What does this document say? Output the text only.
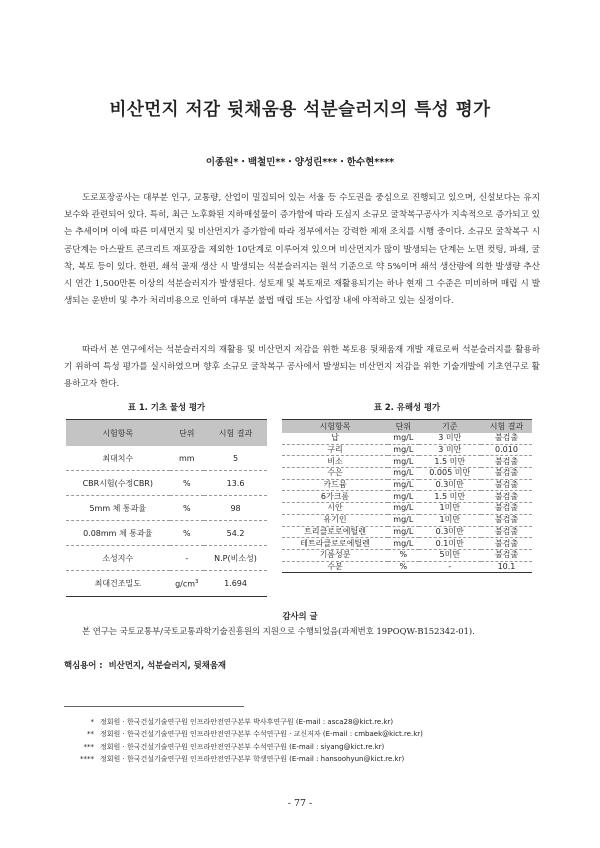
비산먼지 저감 뒷채움용 석분슬러지의 특성 평가
이종원*・백철민**・양성린***・한수현****

도로포장공사는 대부분 인구, 교통량, 산업이 밀집되어 있는 서울 등 수도권을 중심으로 진행되고 있으며, 신설보다는 유지보수와 관련되어 있다. 특히, 최근 노후화된 지하매설물이 증가함에 따라 도심지 소규모 굴착복구공사가 지속적으로 증가되고 있는 추세이며 이에 따른 미세먼지 및 비산먼지가 증가함에 따라 정부에서는 강력한 제재 조치를 시행 중이다. 소규모 굴착복구 시공단계는 아스팔트 콘크리트 재포장을 제외한 10단계로 이루어져 있으며 비산먼지가 많이 발생되는 단계는 노면 컷팅, 파쇄, 굴착, 복토 등이 있다. 한편, 쇄석 골재 생산 시 발생되는 석분슬러지는 원석 기준으로 약 5%이며 쇄석 생산량에 의한 발생량 추산 시 연간 1,500만톤 이상의 석분슬러지가 발생된다. 성토재 및 복토재로 재활용되기는 하나 현재 그 수준은 미비하며 매립 시 발생되는 운반비 및 추가 처리비용으로 인하여 대부분 불법 매립 또는 사업장 내에 야적하고 있는 실정이다.

따라서 본 연구에서는 석분슬러지의 재활용 및 비산먼지 저감을 위한 복토용 뒷채움재 개발 재료로써 석분슬러지를 활용하기 위하여 특성 평가를 실시하였으며 향후 소규모 굴착복구 공사에서 발생되는 비산먼지 저감을 위한 기술개발에 기초연구로 활용하고자 한다.

표 1. 기초 물성 평가
시험항목	단위	시험 결과
최대치수	mm	5
CBR시험(수정CBR)	%	13.6
5mm 체 통과율	%	98
0.08mm 체 통과율	%	54.2
소성지수	-	N.P(비소성)
최대건조밀도	$g/cm^3$	1.694
표 2. 유해성 평가
시험항목	단위	기준	시험 결과
납	mg/L	3 미만	불검출
구리	mg/L	3 미만	0.010
비소	mg/L	1.5 미만	불검출
수은	mg/L	0.005 미만	불검출
카드뮴	mg/L	0.3미만	불검출
6가크롬	mg/L	1.5 미만	불검출
시안	mg/L	1미만	불검출
유기인	mg/L	1미만	불검출
트리클로로에틸렌	mg/L	0.3미만	불검출
테트라클로로에틸렌	mg/L	0.1미만	불검출
기름성분	%	5미만	불검출
수분	%	-	10.1
감사의 글

본 연구는 국토교통부/국토교통과학기술진흥원의 지원으로 수행되었음(과제번호 19POQW-B152342-01).

핵심용어 : 비산먼지, 석분슬러지, 뒷채움재
* 정회원 · 한국건설기술연구원 인프라안전연구본부 박사후연구원 (E-mail : asca28@kict.re.kr)
** 정회원 · 한국건설기술연구원 인프라안전연구본부 수석연구원 · 교신저자 (E-mail : cmbaek@kict.re.kr)
*** 정회원 · 한국건설기술연구원 인프라안전연구본부 수석연구원 (E-mail : siyang@kict.re.kr)
**** 정회원 · 한국건설기술연구원 인프라안전연구본부 학생연구원 (E-mail : hansoohyun@kict.re.kr)
- 77 -
